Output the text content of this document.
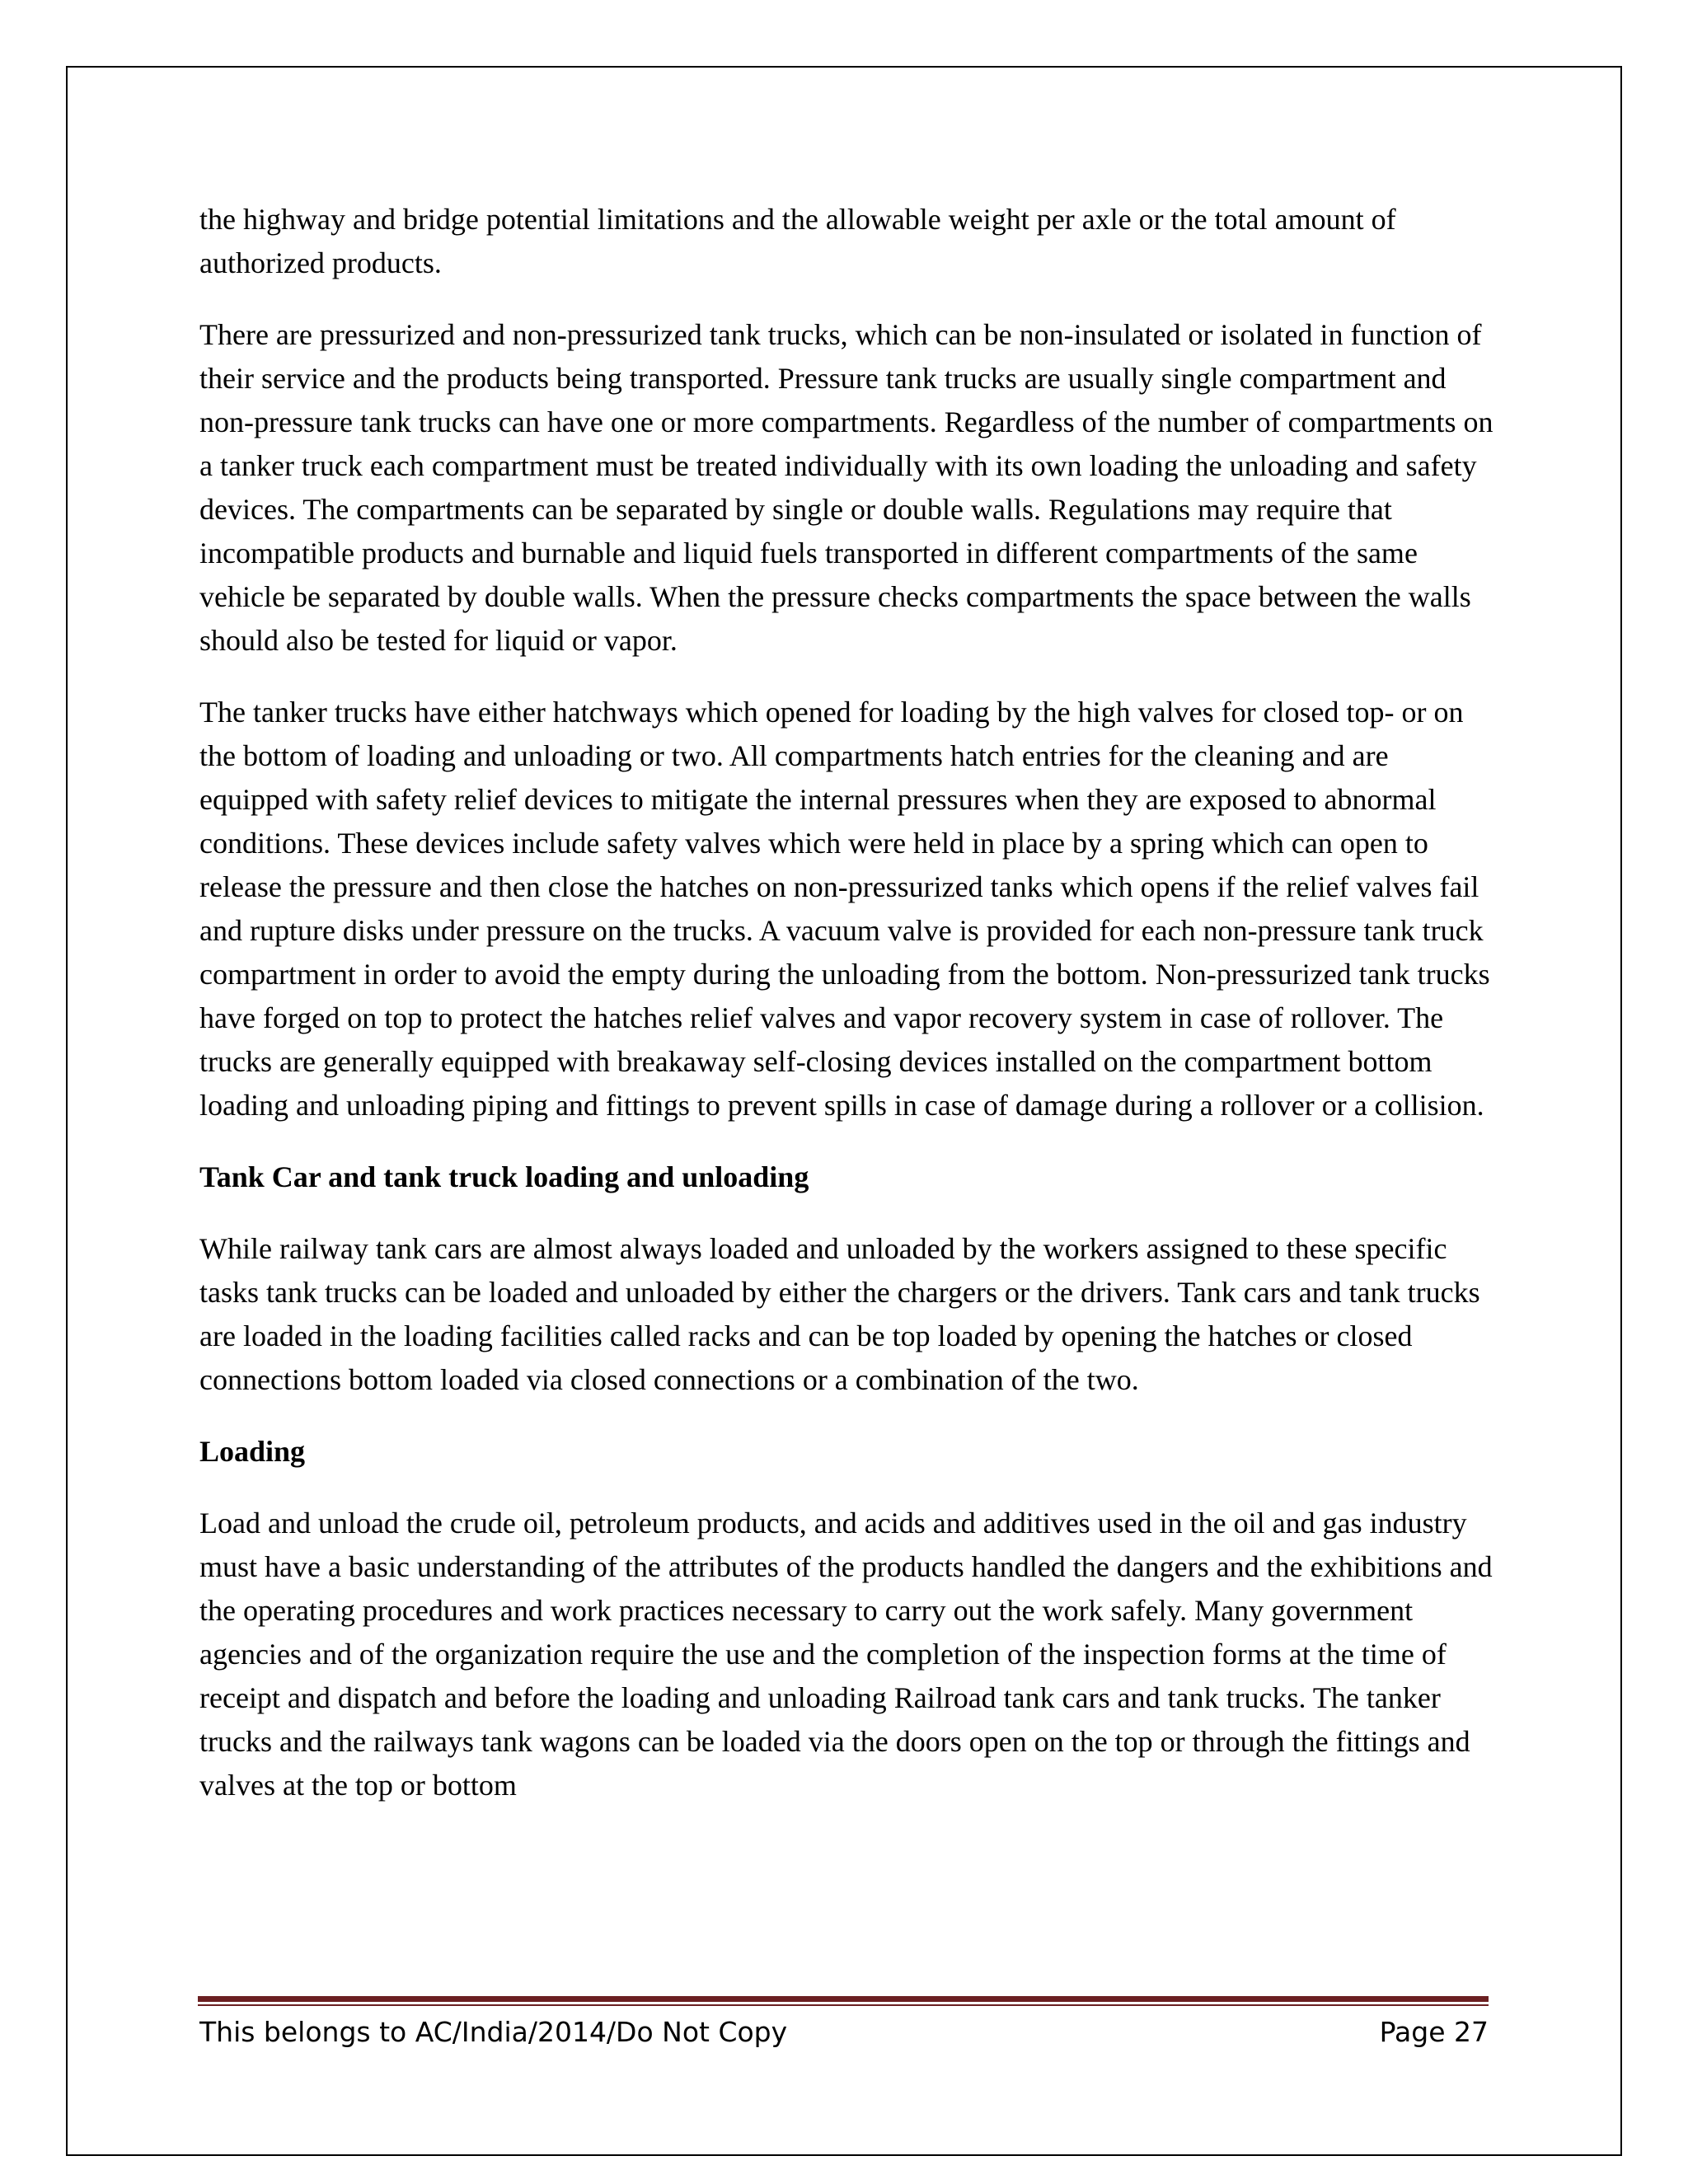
the highway and bridge potential limitations and the allowable weight per axle or the total amount of authorized products.

There are pressurized and non-pressurized tank trucks, which can be non-insulated or isolated in function of their service and the products being transported. Pressure tank trucks are usually single compartment and non-pressure tank trucks can have one or more compartments. Regardless of the number of compartments on a tanker truck each compartment must be treated individually with its own loading the unloading and safety devices. The compartments can be separated by single or double walls. Regulations may require that incompatible products and burnable and liquid fuels transported in different compartments of the same vehicle be separated by double walls. When the pressure checks compartments the space between the walls should also be tested for liquid or vapor.

The tanker trucks have either hatchways which opened for loading by the high valves for closed top- or on the bottom of loading and unloading or two. All compartments hatch entries for the cleaning and are equipped with safety relief devices to mitigate the internal pressures when they are exposed to abnormal conditions. These devices include safety valves which were held in place by a spring which can open to release the pressure and then close the hatches on non-pressurized tanks which opens if the relief valves fail and rupture disks under pressure on the trucks. A vacuum valve is provided for each non-pressure tank truck compartment in order to avoid the empty during the unloading from the bottom. Non-pressurized tank trucks have forged on top to protect the hatches relief valves and vapor recovery system in case of rollover. The trucks are generally equipped with breakaway self-closing devices installed on the compartment bottom loading and unloading piping and fittings to prevent spills in case of damage during a rollover or a collision.

Tank Car and tank truck loading and unloading

While railway tank cars are almost always loaded and unloaded by the workers assigned to these specific tasks tank trucks can be loaded and unloaded by either the chargers or the drivers. Tank cars and tank trucks are loaded in the loading facilities called racks and can be top loaded by opening the hatches or closed connections bottom loaded via closed connections or a combination of the two.

Loading

Load and unload the crude oil, petroleum products, and acids and additives used in the oil and gas industry must have a basic understanding of the attributes of the products handled the dangers and the exhibitions and the operating procedures and work practices necessary to carry out the work safely. Many government agencies and of the organization require the use and the completion of the inspection forms at the time of receipt and dispatch and before the loading and unloading Railroad tank cars and tank trucks. The tanker trucks and the railways tank wagons can be loaded via the doors open on the top or through the fittings and valves at the top or bottom

This belongs to AC/India/2014/Do Not Copy	Page 27
